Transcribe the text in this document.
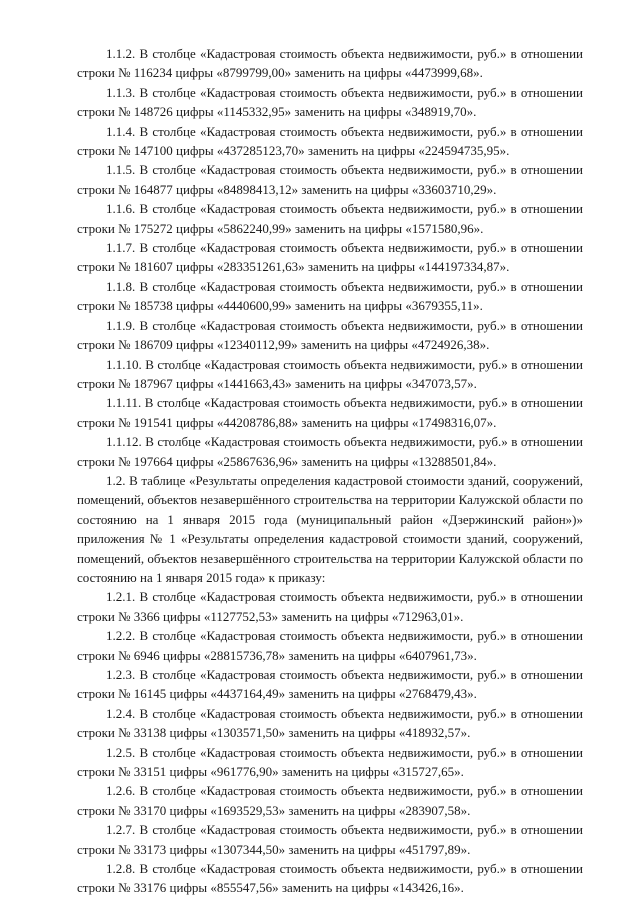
1.1.2. В столбце «Кадастровая стоимость объекта недвижимости, руб.» в отношении строки № 116234 цифры «8799799,00» заменить на цифры «4473999,68».

1.1.3. В столбце «Кадастровая стоимость объекта недвижимости, руб.» в отношении строки № 148726 цифры «1145332,95» заменить на цифры «348919,70».

1.1.4. В столбце «Кадастровая стоимость объекта недвижимости, руб.» в отношении строки № 147100 цифры «437285123,70» заменить на цифры «224594735,95».

1.1.5. В столбце «Кадастровая стоимость объекта недвижимости, руб.» в отношении строки № 164877 цифры «84898413,12» заменить на цифры «33603710,29».

1.1.6. В столбце «Кадастровая стоимость объекта недвижимости, руб.» в отношении строки № 175272 цифры «5862240,99» заменить на цифры «1571580,96».

1.1.7. В столбце «Кадастровая стоимость объекта недвижимости, руб.» в отношении строки № 181607 цифры «283351261,63» заменить на цифры «144197334,87».

1.1.8. В столбце «Кадастровая стоимость объекта недвижимости, руб.» в отношении строки № 185738 цифры «4440600,99» заменить на цифры «3679355,11».

1.1.9. В столбце «Кадастровая стоимость объекта недвижимости, руб.» в отношении строки № 186709 цифры «12340112,99» заменить на цифры «4724926,38».

1.1.10. В столбце «Кадастровая стоимость объекта недвижимости, руб.» в отношении строки № 187967 цифры «1441663,43» заменить на цифры «347073,57».

1.1.11. В столбце «Кадастровая стоимость объекта недвижимости, руб.» в отношении строки № 191541 цифры «44208786,88» заменить на цифры «17498316,07».

1.1.12. В столбце «Кадастровая стоимость объекта недвижимости, руб.» в отношении строки № 197664 цифры «25867636,96» заменить на цифры «13288501,84».

1.2. В таблице «Результаты определения кадастровой стоимости зданий, сооружений, помещений, объектов незавершённого строительства на территории Калужской области по состоянию на 1 января 2015 года (муниципальный район «Дзержинский район»)» приложения № 1 «Результаты определения кадастровой стоимости зданий, сооружений, помещений, объектов незавершённого строительства на территории Калужской области по состоянию на 1 января 2015 года» к приказу:

1.2.1. В столбце «Кадастровая стоимость объекта недвижимости, руб.» в отношении строки № 3366 цифры «1127752,53» заменить на цифры «712963,01».

1.2.2. В столбце «Кадастровая стоимость объекта недвижимости, руб.» в отношении строки № 6946 цифры «28815736,78» заменить на цифры «6407961,73».

1.2.3. В столбце «Кадастровая стоимость объекта недвижимости, руб.» в отношении строки № 16145 цифры «4437164,49» заменить на цифры «2768479,43».

1.2.4. В столбце «Кадастровая стоимость объекта недвижимости, руб.» в отношении строки № 33138 цифры «1303571,50» заменить на цифры «418932,57».

1.2.5. В столбце «Кадастровая стоимость объекта недвижимости, руб.» в отношении строки № 33151 цифры «961776,90» заменить на цифры «315727,65».

1.2.6. В столбце «Кадастровая стоимость объекта недвижимости, руб.» в отношении строки № 33170 цифры «1693529,53» заменить на цифры «283907,58».

1.2.7. В столбце «Кадастровая стоимость объекта недвижимости, руб.» в отношении строки № 33173 цифры «1307344,50» заменить на цифры «451797,89».

1.2.8. В столбце «Кадастровая стоимость объекта недвижимости, руб.» в отношении строки № 33176 цифры «855547,56» заменить на цифры «143426,16».
